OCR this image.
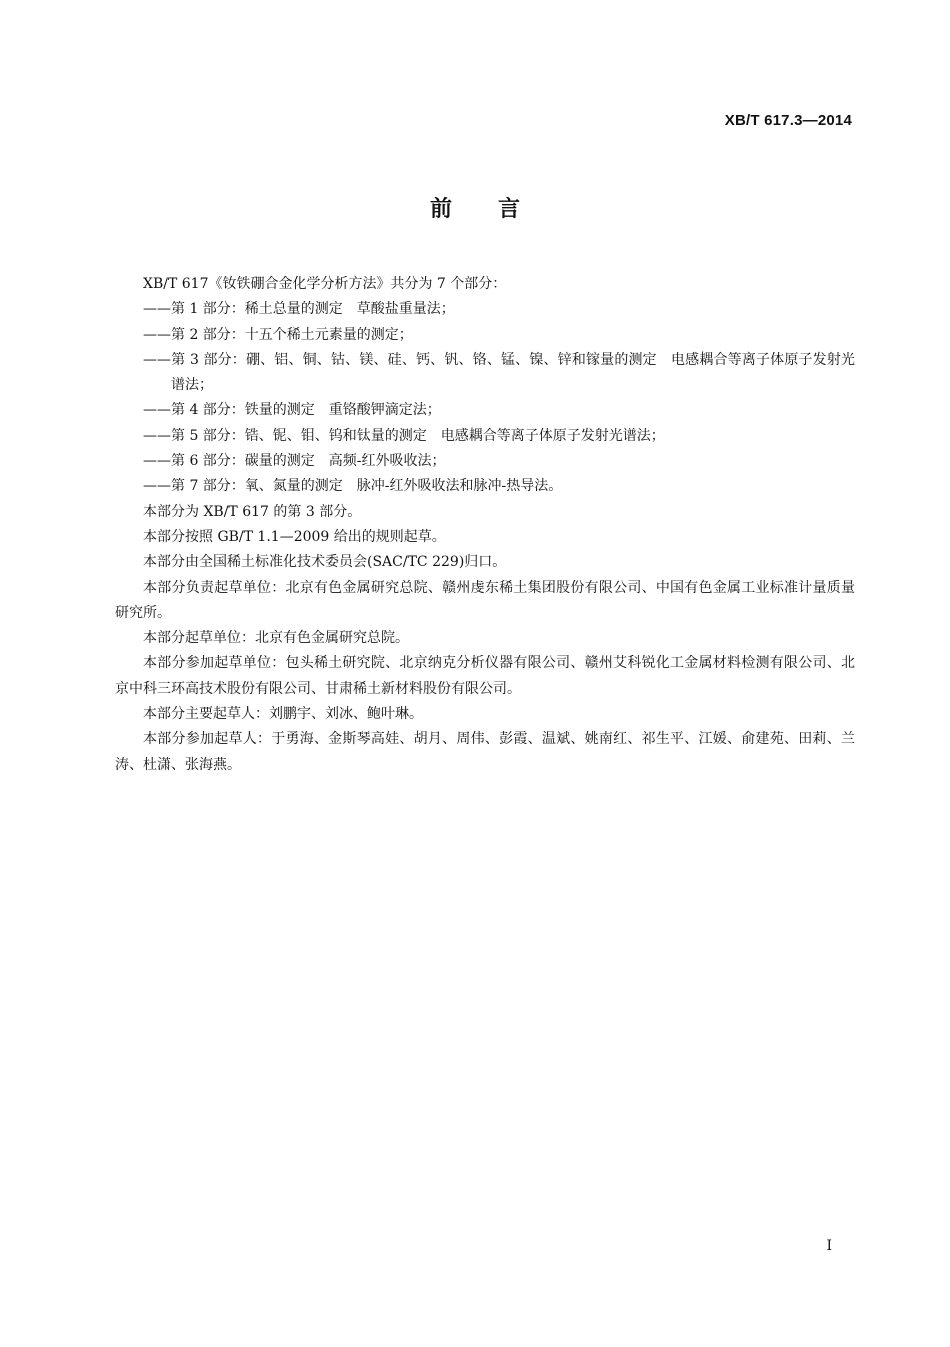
XB/T 617.3—2014
前言

XB/T 617《钕铁硼合金化学分析方法》共分为 7 个部分：

——第 1 部分：稀土总量的测定　草酸盐重量法；

——第 2 部分：十五个稀土元素量的测定；

——第 3 部分：硼、铝、铜、钴、镁、硅、钙、钒、铬、锰、镍、锌和镓量的测定　电感耦合等离子体原子发射光谱法；

——第 4 部分：铁量的测定　重铬酸钾滴定法；

——第 5 部分：锆、铌、钼、钨和钛量的测定　电感耦合等离子体原子发射光谱法；

——第 6 部分：碳量的测定　高频-红外吸收法；

——第 7 部分：氧、氮量的测定　脉冲-红外吸收法和脉冲-热导法。

本部分为 XB/T 617 的第 3 部分。

本部分按照 GB/T 1.1—2009 给出的规则起草。

本部分由全国稀土标准化技术委员会(SAC/TC 229)归口。

本部分负责起草单位：北京有色金属研究总院、赣州虔东稀土集团股份有限公司、中国有色金属工业标准计量质量研究所。

本部分起草单位：北京有色金属研究总院。

本部分参加起草单位：包头稀土研究院、北京纳克分析仪器有限公司、赣州艾科锐化工金属材料检测有限公司、北京中科三环高技术股份有限公司、甘肃稀土新材料股份有限公司。

本部分主要起草人：刘鹏宇、刘冰、鲍叶琳。

本部分参加起草人：于勇海、金斯琴高娃、胡月、周伟、彭霞、温斌、姚南红、祁生平、江媛、俞建苑、田莉、兰涛、杜潇、张海燕。

I
